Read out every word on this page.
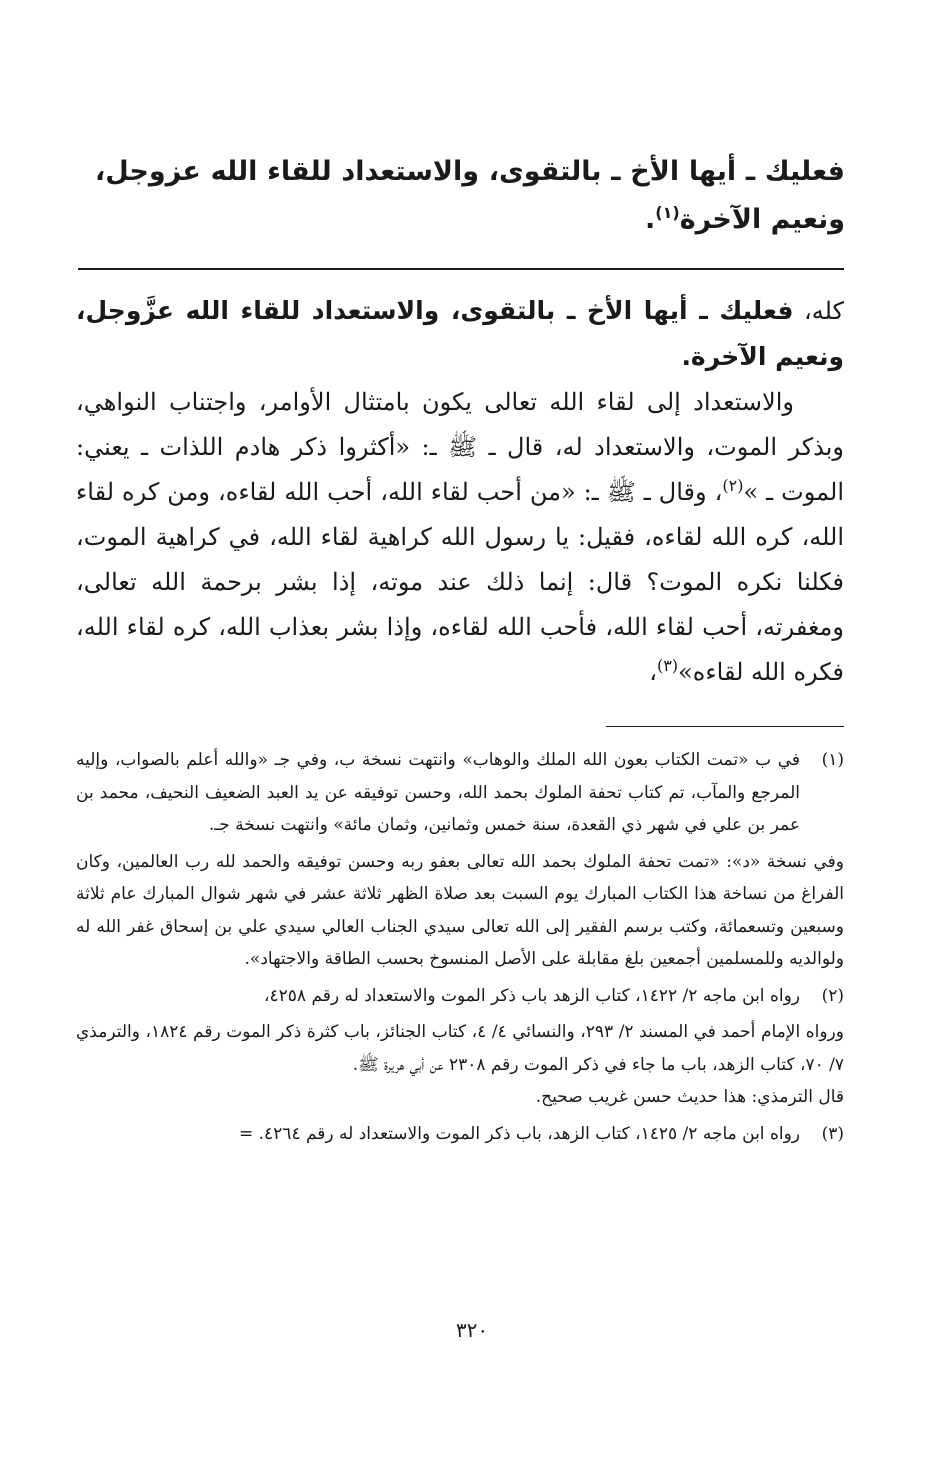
فعليك ـ أيها الأخ ـ بالتقوى، والاستعداد للقاء الله عزوجل، ونعيم الآخرة$^{(١)}$.

كله، فعليك ـ أيها الأخ ـ بالتقوى، والاستعداد للقاء الله عزَّوجل، ونعيم الآخرة.

والاستعداد إلى لقاء الله تعالى يكون بامتثال الأوامر، واجتناب النواهي، وبذكر الموت، والاستعداد له، قال ـ ﷺ ـ: «أكثروا ذكر هادم اللذات ـ يعني: الموت ـ »$^{(٢)}$، وقال ـ ﷺ ـ: «من أحب لقاء الله، أحب الله لقاءه، ومن كره لقاء الله، كره الله لقاءه، فقيل: يا رسول الله كراهية لقاء الله، في كراهية الموت، فكلنا نكره الموت؟ قال: إنما ذلك عند موته، إذا بشر برحمة الله تعالى، ومغفرته، أحب لقاء الله، فأحب الله لقاءه، وإذا بشر بعذاب الله، كره لقاء الله، فكره الله لقاءه»$^{(٣)}$،

(١)

في ب «تمت الكتاب بعون الله الملك والوهاب» وانتهت نسخة ب، وفي جـ «والله أعلم بالصواب، وإليه المرجع والمآب، تم كتاب تحفة الملوك بحمد الله، وحسن توفيقه عن يد العبد الضعيف النحيف، محمد بن عمر بن علي في شهر ذي القعدة، سنة خمس وثمانين، وثمان مائة» وانتهت نسخة جـ.

وفي نسخة «د»: «تمت تحفة الملوك بحمد الله تعالى بعفو ربه وحسن توفيقه والحمد لله رب العالمين، وكان الفراغ من نساخة هذا الكتاب المبارك يوم السبت بعد صلاة الظهر ثلاثة عشر في شهر شوال المبارك عام ثلاثة وسبعين وتسعمائة، وكتب برسم الفقير إلى الله تعالى سيدي الجناب العالي سيدي علي بن إسحاق غفر الله له ولوالديه وللمسلمين أجمعين بلغ مقابلة على الأصل المنسوخ بحسب الطاقة والاجتهاد».

(٢)

رواه ابن ماجه ٢/ ١٤٢٢، كتاب الزهد باب ذكر الموت والاستعداد له رقم ٤٢٥٨،

ورواه الإمام أحمد في المسند ٢/ ٢٩٣، والنسائي ٤/ ٤، كتاب الجنائز، باب كثرة ذكر الموت رقم ١٨٢٤، والترمذي ٧/ ٧٠، كتاب الزهد، باب ما جاء في ذكر الموت رقم ٢٣٠٨ عن أبي هريرة ﷺ.

قال الترمذي: هذا حديث حسن غريب صحيح.

(٣)

رواه ابن ماجه ٢/ ١٤٢٥، كتاب الزهد، باب ذكر الموت والاستعداد له رقم ٤٢٦٤. =

٣٢٠
